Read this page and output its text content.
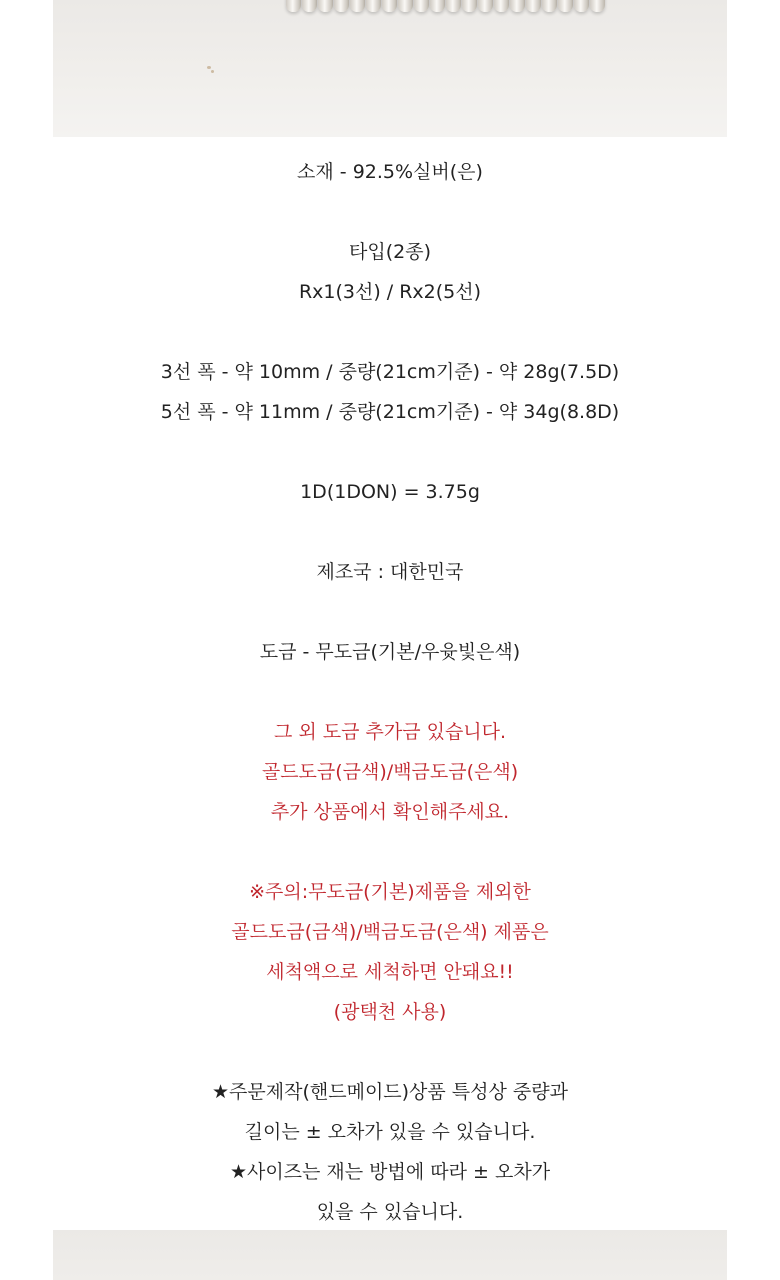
소재 - 92.5%실버(은)

타입(2종)

Rx1(3선) / Rx2(5선)

3선 폭 - 약 10mm / 중량(21cm기준) - 약 28g(7.5D)

5선 폭 - 약 11mm / 중량(21cm기준) - 약 34g(8.8D)

1D(1DON) = 3.75g

제조국 : 대한민국

도금 - 무도금(기본/우윳빛은색)

그 외 도금 추가금 있습니다.

골드도금(금색)/백금도금(은색)

추가 상품에서 확인해주세요.

※주의:무도금(기본)제품을 제외한

골드도금(금색)/백금도금(은색) 제품은

세척액으로 세척하면 안돼요!!

(광택천 사용)

★주문제작(핸드메이드)상품 특성상 중량과

길이는 ± 오차가 있을 수 있습니다.

★사이즈는 재는 방법에 따라 ± 오차가

있을 수 있습니다.
